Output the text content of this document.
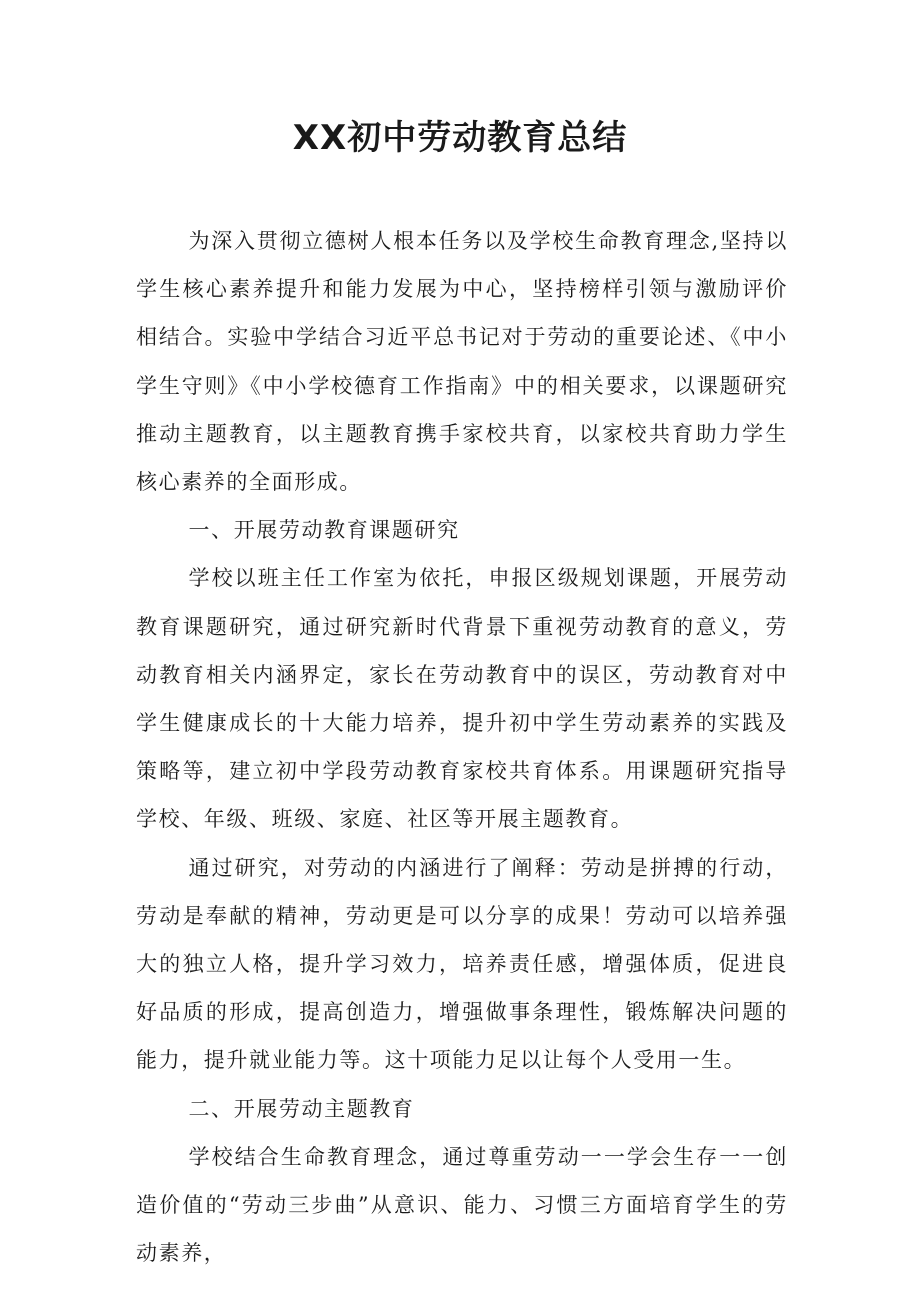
XX初中劳动教育总结

为深入贯彻立德树人根本任务以及学校生命教育理念,坚持以学生核心素养提升和能力发展为中心，坚持榜样引领与激励评价相结合。实验中学结合习近平总书记对于劳动的重要论述、《中小学生守则》《中小学校德育工作指南》中的相关要求，以课题研究推动主题教育，以主题教育携手家校共育，以家校共育助力学生核心素养的全面形成。

一、开展劳动教育课题研究

学校以班主任工作室为依托，申报区级规划课题，开展劳动教育课题研究，通过研究新时代背景下重视劳动教育的意义，劳动教育相关内涵界定，家长在劳动教育中的误区，劳动教育对中学生健康成长的十大能力培养，提升初中学生劳动素养的实践及策略等，建立初中学段劳动教育家校共育体系。用课题研究指导学校、年级、班级、家庭、社区等开展主题教育。

通过研究，对劳动的内涵进行了阐释：劳动是拼搏的行动，劳动是奉献的精神，劳动更是可以分享的成果！劳动可以培养强大的独立人格，提升学习效力，培养责任感，增强体质，促进良好品质的形成，提高创造力，增强做事条理性，锻炼解决问题的能力，提升就业能力等。这十项能力足以让每个人受用一生。

二、开展劳动主题教育

学校结合生命教育理念，通过尊重劳动一一学会生存一一创造价值的“劳动三步曲”从意识、能力、习惯三方面培育学生的劳动素养，
